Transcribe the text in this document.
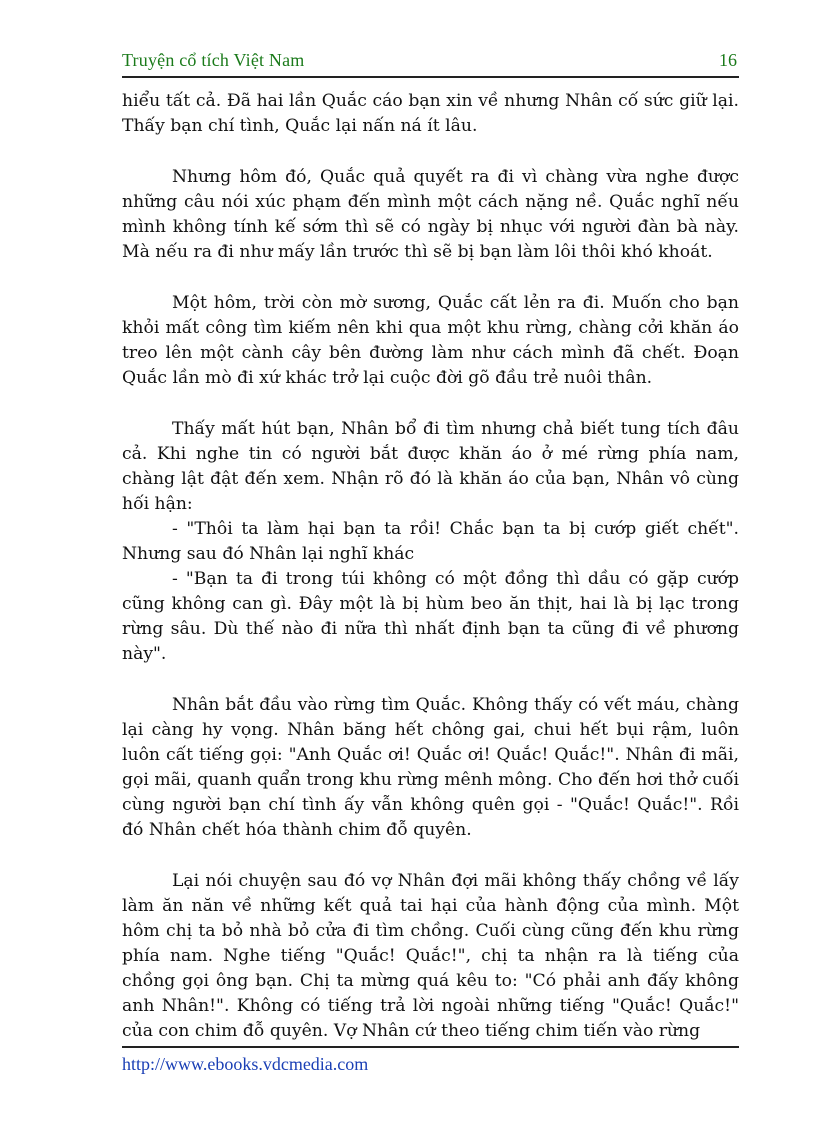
Truyện cổ tích Việt Nam	16

hiểu tất cả. Đã hai lần Quắc cáo bạn xin về nhưng Nhân cố sức giữ lại. Thấy bạn chí tình, Quắc lại nấn ná ít lâu.

Nhưng hôm đó, Quắc quả quyết ra đi vì chàng vừa nghe được những câu nói xúc phạm đến mình một cách nặng nề. Quắc nghĩ nếu mình không tính kế sớm thì sẽ có ngày bị nhục với người đàn bà này. Mà nếu ra đi như mấy lần trước thì sẽ bị bạn làm lôi thôi khó khoát.

Một hôm, trời còn mờ sương, Quắc cất lẻn ra đi. Muốn cho bạn khỏi mất công tìm kiếm nên khi qua một khu rừng, chàng cởi khăn áo treo lên một cành cây bên đường làm như cách mình đã chết. Đoạn Quắc lần mò đi xứ khác trở lại cuộc đời gõ đầu trẻ nuôi thân.

Thấy mất hút bạn, Nhân bổ đi tìm nhưng chả biết tung tích đâu cả. Khi nghe tin có người bắt được khăn áo ở mé rừng phía nam, chàng lật đật đến xem. Nhận rõ đó là khăn áo của bạn, Nhân vô cùng hối hận:

- "Thôi ta làm hại bạn ta rồi! Chắc bạn ta bị cướp giết chết". Nhưng sau đó Nhân lại nghĩ khác

- "Bạn ta đi trong túi không có một đồng thì dầu có gặp cướp cũng không can gì. Đây một là bị hùm beo ăn thịt, hai là bị lạc trong rừng sâu. Dù thế nào đi nữa thì nhất định bạn ta cũng đi về phương này".

Nhân bắt đầu vào rừng tìm Quắc. Không thấy có vết máu, chàng lại càng hy vọng. Nhân băng hết chông gai, chui hết bụi rậm, luôn luôn cất tiếng gọi: "Anh Quắc ơi! Quắc ơi! Quắc! Quắc!". Nhân đi mãi, gọi mãi, quanh quẩn trong khu rừng mênh mông. Cho đến hơi thở cuối cùng người bạn chí tình ấy vẫn không quên gọi - "Quắc! Quắc!". Rồi đó Nhân chết hóa thành chim đỗ quyên.

Lại nói chuyện sau đó vợ Nhân đợi mãi không thấy chồng về lấy làm ăn năn về những kết quả tai hại của hành động của mình. Một hôm chị ta bỏ nhà bỏ cửa đi tìm chồng. Cuối cùng cũng đến khu rừng phía nam. Nghe tiếng "Quắc! Quắc!", chị ta nhận ra là tiếng của chồng gọi ông bạn. Chị ta mừng quá kêu to: "Có phải anh đấy không anh Nhân!". Không có tiếng trả lời ngoài những tiếng "Quắc! Quắc!" của con chim đỗ quyên. Vợ Nhân cứ theo tiếng chim tiến vào rừng

http://www.ebooks.vdcmedia.com
